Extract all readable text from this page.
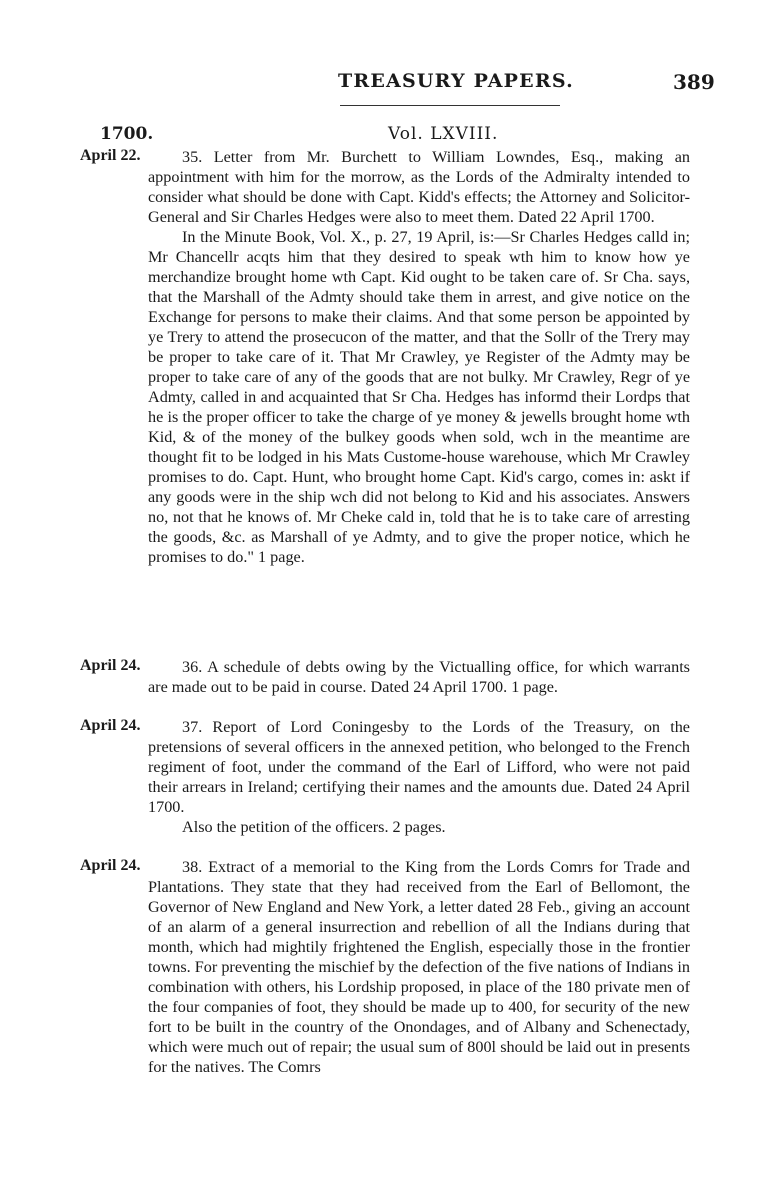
TREASURY PAPERS.	389
1700.	Vol. LXVIII.
April 22.	35. Letter from Mr. Burchett to William Lowndes, Esq., making an appointment with him for the morrow, as the Lords of the Admiralty intended to consider what should be done with Capt. Kidd's effects; the Attorney and Solicitor-General and Sir Charles Hedges were also to meet them. Dated 22 April 1700.

In the Minute Book, Vol. X., p. 27, 19 April, is:—Sr Charles Hedges calld in; Mr Chancellr acqts him that they desired to speak wth him to know how ye merchandize brought home wth Capt. Kid ought to be taken care of. Sr Cha. says, that the Marshall of the Admty should take them in arrest, and give notice on the Exchange for persons to make their claims. And that some person be appointed by ye Trery to attend the prosecucon of the matter, and that the Sollr of the Trery may be proper to take care of it. That Mr Crawley, ye Register of the Admty may be proper to take care of any of the goods that are not bulky. Mr Crawley, Regr of ye Admty, called in and acquainted that Sr Cha. Hedges has informd their Lordps that he is the proper officer to take the charge of ye money & jewells brought home wth Kid, & of the money of the bulkey goods when sold, wch in the meantime are thought fit to be lodged in his Mats Custome-house warehouse, which Mr Crawley promises to do. Capt. Hunt, who brought home Capt. Kid's cargo, comes in: askt if any goods were in the ship wch did not belong to Kid and his associates. Answers no, not that he knows of. Mr Cheke cald in, told that he is to take care of arresting the goods, &c. as Marshall of ye Admty, and to give the proper notice, which he promises to do." 1 page.

April 24.	36. A schedule of debts owing by the Victualling office, for which warrants are made out to be paid in course. Dated 24 April 1700. 1 page.

April 24.	37. Report of Lord Coningesby to the Lords of the Treasury, on the pretensions of several officers in the annexed petition, who belonged to the French regiment of foot, under the command of the Earl of Lifford, who were not paid their arrears in Ireland; certifying their names and the amounts due. Dated 24 April 1700.

Also the petition of the officers. 2 pages.

April 24.	38. Extract of a memorial to the King from the Lords Comrs for Trade and Plantations. They state that they had received from the Earl of Bellomont, the Governor of New England and New York, a letter dated 28 Feb., giving an account of an alarm of a general insurrection and rebellion of all the Indians during that month, which had mightily frightened the English, especially those in the frontier towns. For preventing the mischief by the defection of the five nations of Indians in combination with others, his Lordship proposed, in place of the 180 private men of the four companies of foot, they should be made up to 400, for security of the new fort to be built in the country of the Onondages, and of Albany and Schenectady, which were much out of repair; the usual sum of 800l should be laid out in presents for the natives. The Comrs
